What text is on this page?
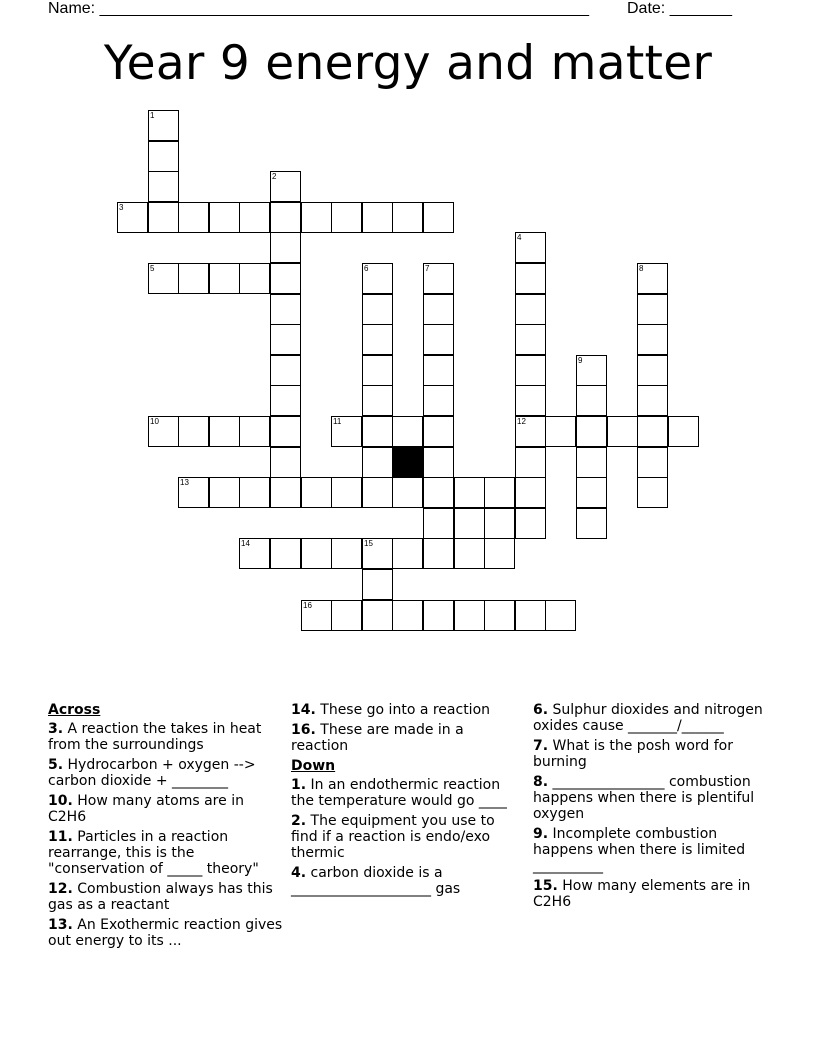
Name: _______________________________________________________ Date: _______
Year 9 energy and matter
1
2
3
4
12
5	6	7	8
9
10	11
13
14	15
16
Across
3. A reaction the takes in heat from the surroundings
5. Hydrocarbon + oxygen --> carbon dioxide + ________
10. How many atoms are in C2H6
11. Particles in a reaction rearrange, this is the "conservation of _____ theory"
12. Combustion always has this gas as a reactant
13. An Exothermic reaction gives out energy to its ...
14. These go into a reaction
16. These are made in a reaction
Down
1. In an endothermic reaction the temperature would go ____
2. The equipment you use to find if a reaction is endo/exo thermic
4. carbon dioxide is a ____________________ gas
6. Sulphur dioxides and nitrogen oxides cause _______/______
7. What is the posh word for burning
8. ________________ combustion happens when there is plentiful oxygen
9. Incomplete combustion happens when there is limited __________
15. How many elements are in C2H6
